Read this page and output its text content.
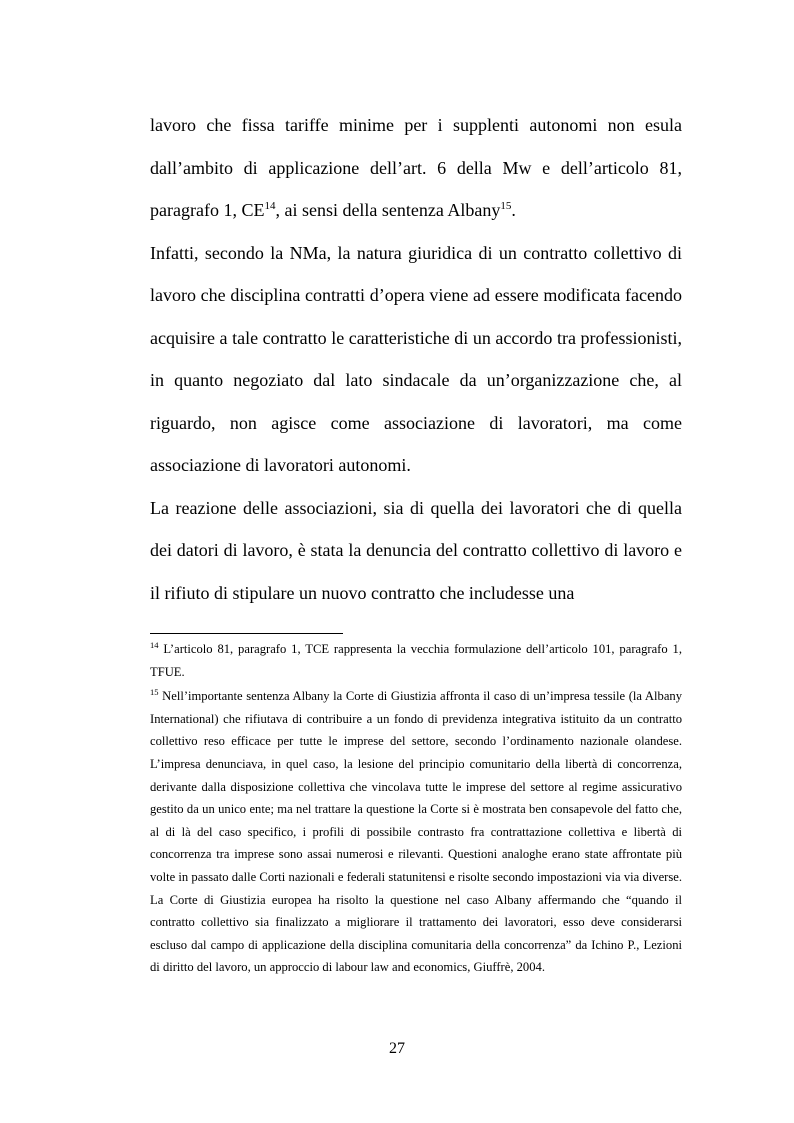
lavoro che fissa tariffe minime per i supplenti autonomi non esula dall’ambito di applicazione dell’art. 6 della Mw e dell’articolo 81, paragrafo 1, CE$^{14}$, ai sensi della sentenza Albany$^{15}$.

Infatti, secondo la NMa, la natura giuridica di un contratto collettivo di lavoro che disciplina contratti d’opera viene ad essere modificata facendo acquisire a tale contratto le caratteristiche di un accordo tra professionisti, in quanto negoziato dal lato sindacale da un’organizzazione che, al riguardo, non agisce come associazione di lavoratori, ma come associazione di lavoratori autonomi.

La reazione delle associazioni, sia di quella dei lavoratori che di quella dei datori di lavoro, è stata la denuncia del contratto collettivo di lavoro e il rifiuto di stipulare un nuovo contratto che includesse una

$^{14}$ L’articolo 81, paragrafo 1, TCE rappresenta la vecchia formulazione dell’articolo 101, paragrafo 1, TFUE.

$^{15}$ Nell’importante sentenza Albany la Corte di Giustizia affronta il caso di un’impresa tessile (la Albany International) che rifiutava di contribuire a un fondo di previdenza integrativa istituito da un contratto collettivo reso efficace per tutte le imprese del settore, secondo l’ordinamento nazionale olandese. L’impresa denunciava, in quel caso, la lesione del principio comunitario della libertà di concorrenza, derivante dalla disposizione collettiva che vincolava tutte le imprese del settore al regime assicurativo gestito da un unico ente; ma nel trattare la questione la Corte si è mostrata ben consapevole del fatto che, al di là del caso specifico, i profili di possibile contrasto fra contrattazione collettiva e libertà di concorrenza tra imprese sono assai numerosi e rilevanti. Questioni analoghe erano state affrontate più volte in passato dalle Corti nazionali e federali statunitensi e risolte secondo impostazioni via via diverse. La Corte di Giustizia europea ha risolto la questione nel caso Albany affermando che “quando il contratto collettivo sia finalizzato a migliorare il trattamento dei lavoratori, esso deve considerarsi escluso dal campo di applicazione della disciplina comunitaria della concorrenza” da Ichino P., Lezioni di diritto del lavoro, un approccio di labour law and economics, Giuffrè, 2004.

27
